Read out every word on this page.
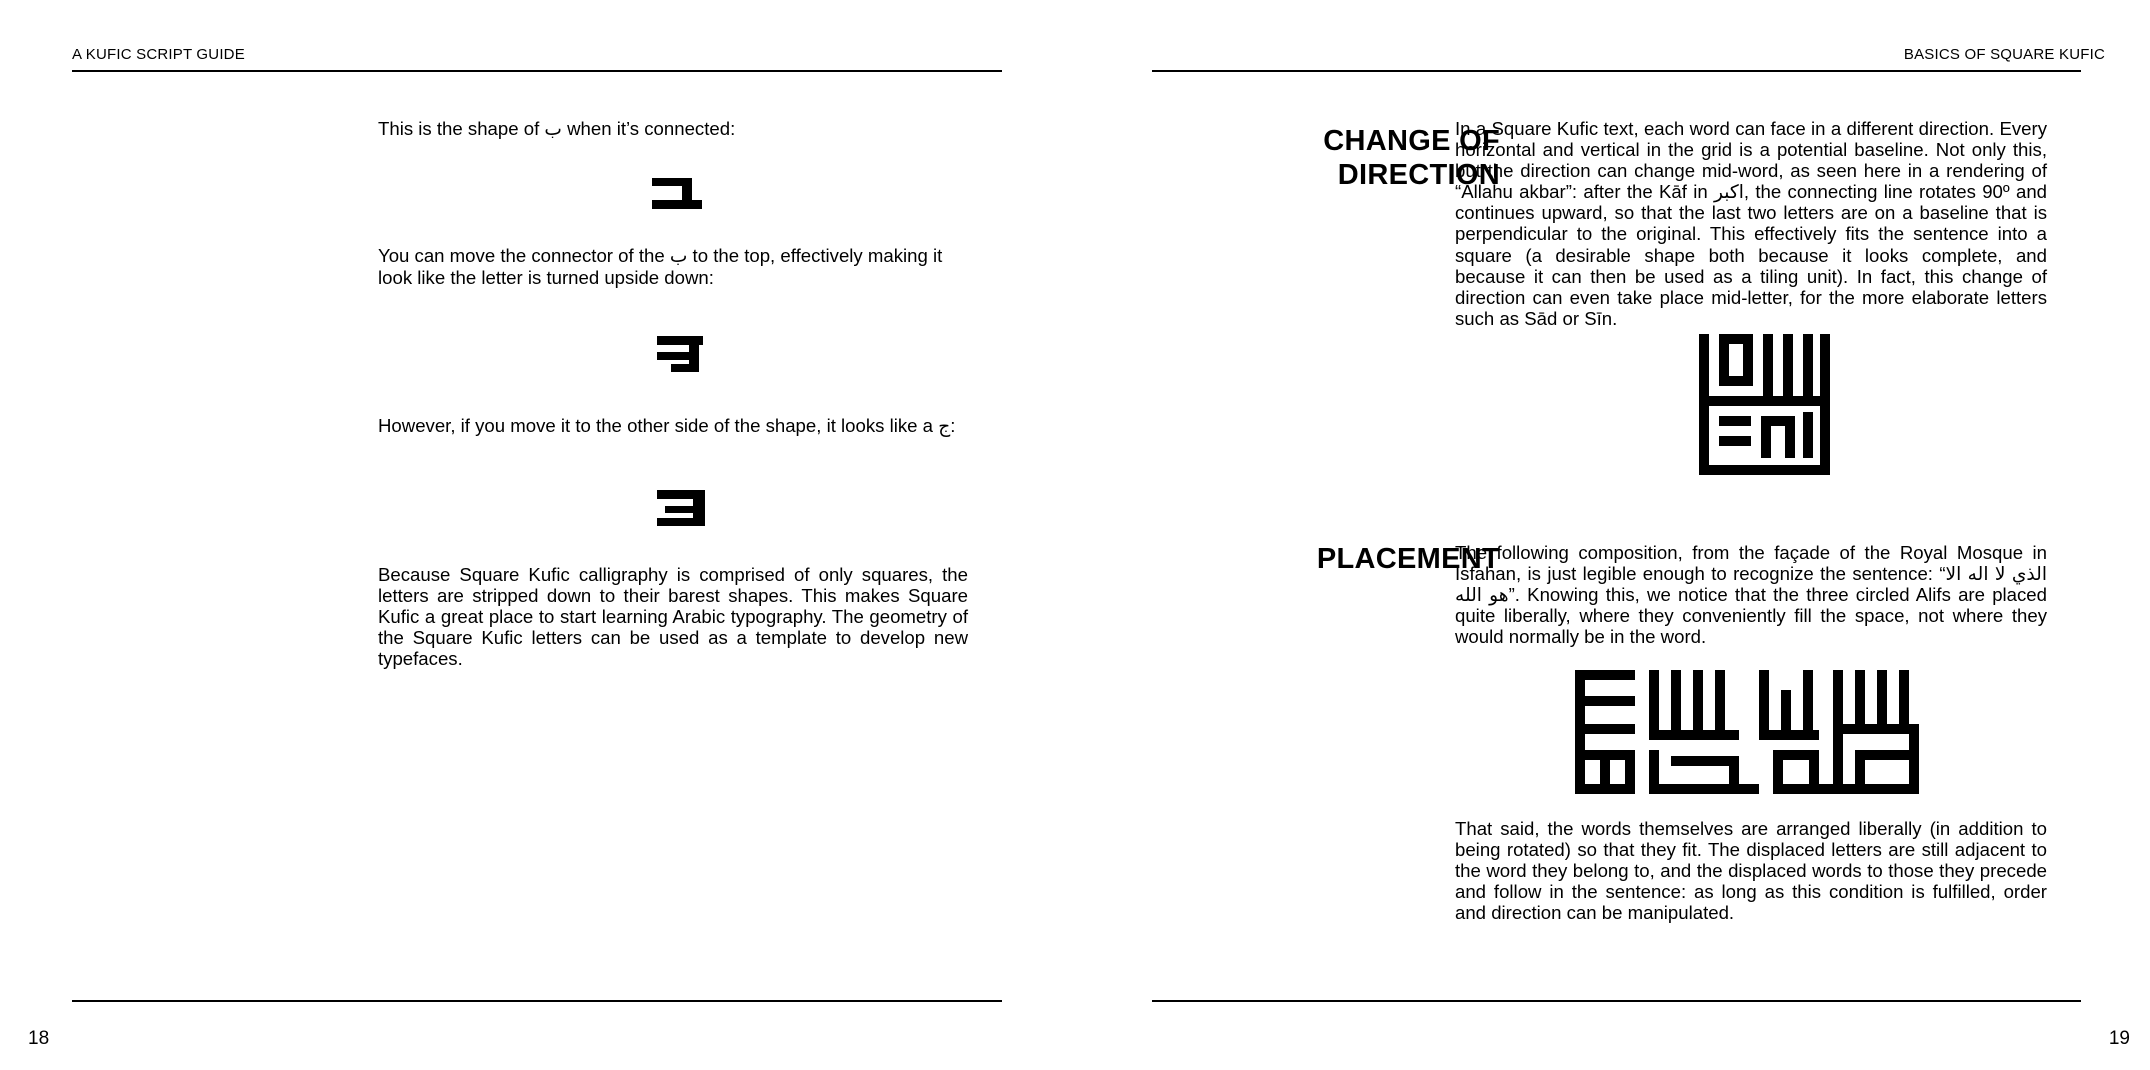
A KUFIC SCRIPT GUIDE

This is the shape of ب when it’s connected:

You can move the connector of the ب to the top, effectively making it look like the letter is turned upside down:

However, if you move it to the other side of the shape, it looks like a ج:

Because Square Kufic calligraphy is comprised of only squares, the letters are stripped down to their barest shapes. This makes Square Kufic a great place to start learning Arabic typography. The geometry of the Square Kufic letters can be used as a template to develop new typefaces.

18
BASICS OF SQUARE KUFIC
CHANGE OF
DIRECTION

In a Square Kufic text, each word can face in a different direction. Every horizontal and vertical in the grid is a potential baseline. Not only this, but the direction can change mid-word, as seen here in a rendering of “Allahu akbar”: after the Kāf in اكبر, the connecting line rotates 90º and continues upward, so that the last two letters are on a baseline that is perpendicular to the original. This effectively fits the sentence into a square (a desirable shape both because it looks complete, and because it can then be used as a tiling unit). In fact, this change of direction can even take place mid-letter, for the more elaborate letters such as Sād or Sīn.

PLACEMENT

The following composition, from the façade of the Royal Mosque in Isfahan, is just legible enough to recognize the sentence: “الذي لا اله الا هو الله”. Knowing this, we notice that the three circled Alifs are placed quite liberally, where they conveniently fill the space, not where they would normally be in the word.

That said, the words themselves are arranged liberally (in addition to being rotated) so that they fit. The displaced letters are still adjacent to the word they belong to, and the displaced words to those they precede and follow in the sentence: as long as this condition is fulfilled, order and direction can be manipulated.

19
